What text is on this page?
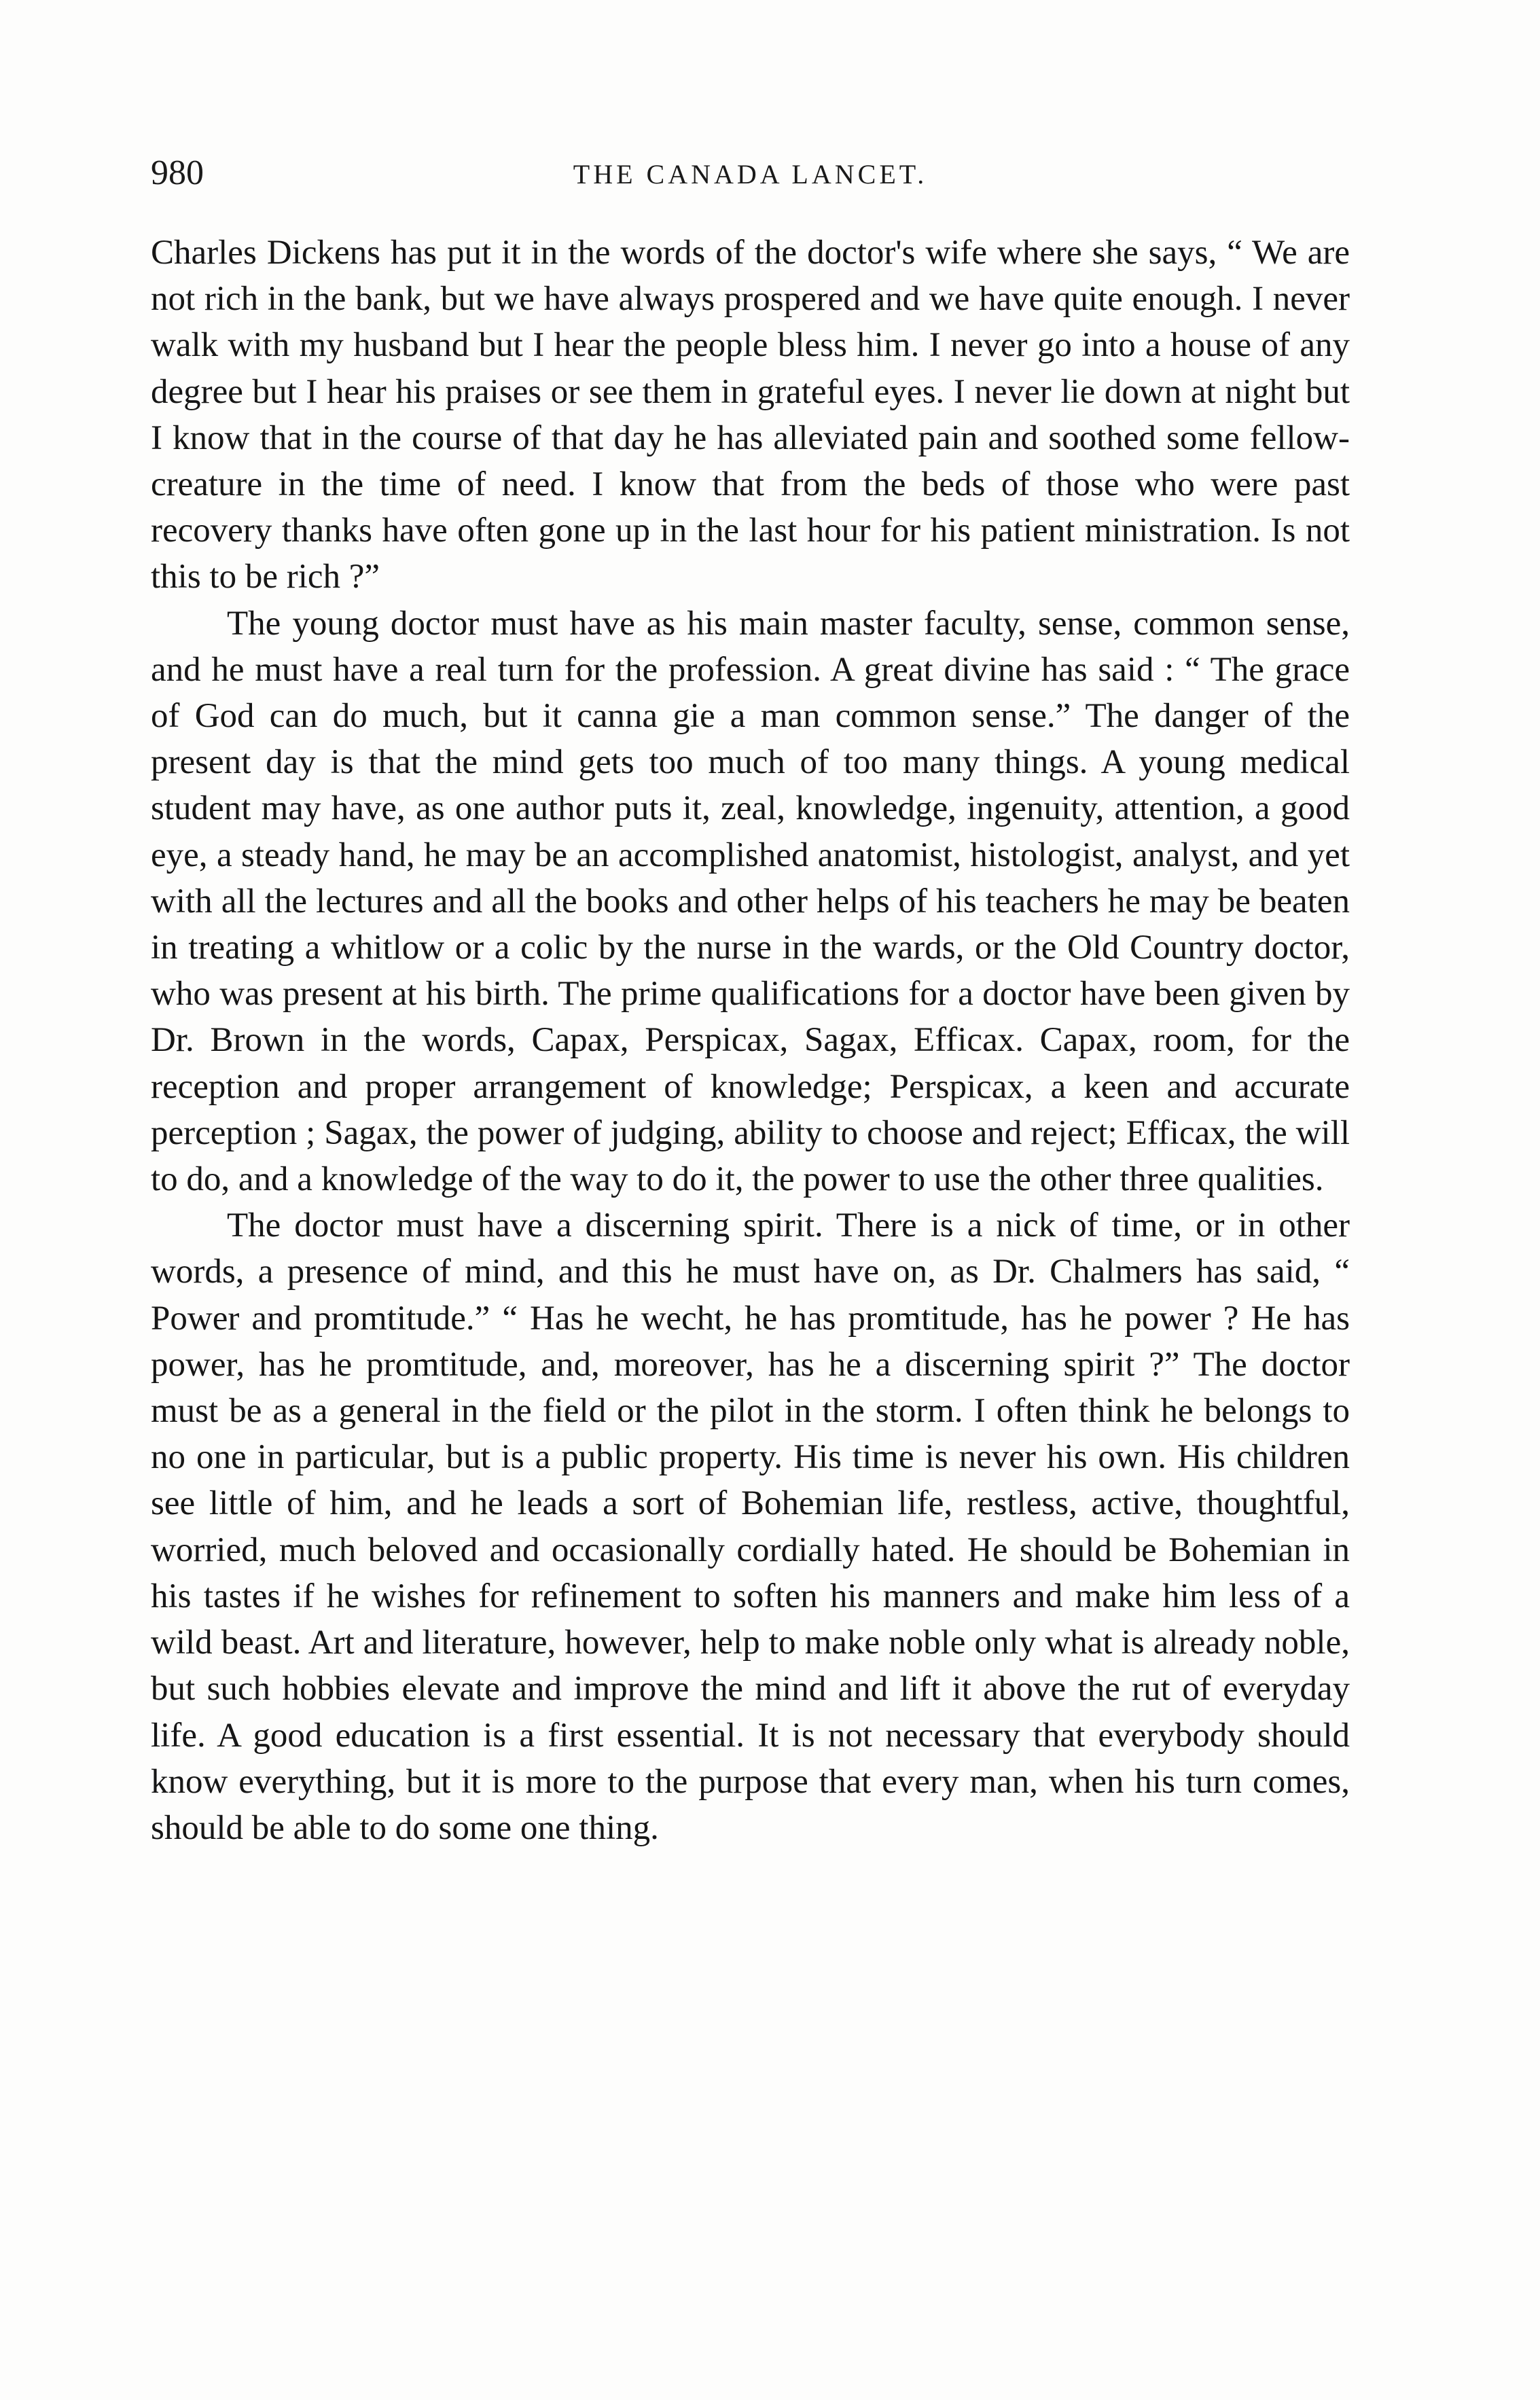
980	THE CANADA LANCET.

Charles Dickens has put it in the words of the doctor's wife where she says, “ We are not rich in the bank, but we have always prospered and we have quite enough. I never walk with my husband but I hear the people bless him. I never go into a house of any degree but I hear his praises or see them in grateful eyes. I never lie down at night but I know that in the course of that day he has alleviated pain and soothed some fellow-creature in the time of need. I know that from the beds of those who were past recovery thanks have often gone up in the last hour for his patient ministration. Is not this to be rich ?”

The young doctor must have as his main master faculty, sense, common sense, and he must have a real turn for the profession. A great divine has said : “ The grace of God can do much, but it canna gie a man common sense.” The danger of the present day is that the mind gets too much of too many things. A young medical student may have, as one author puts it, zeal, knowledge, ingenuity, attention, a good eye, a steady hand, he may be an accomplished anatomist, histologist, analyst, and yet with all the lectures and all the books and other helps of his teachers he may be beaten in treating a whitlow or a colic by the nurse in the wards, or the Old Country doctor, who was present at his birth. The prime qualifications for a doctor have been given by Dr. Brown in the words, Capax, Perspicax, Sagax, Efficax. Capax, room, for the reception and proper arrangement of knowledge; Perspicax, a keen and accurate perception ; Sagax, the power of judging, ability to choose and reject; Efficax, the will to do, and a knowledge of the way to do it, the power to use the other three qualities.

The doctor must have a discerning spirit. There is a nick of time, or in other words, a presence of mind, and this he must have on, as Dr. Chalmers has said, “ Power and promtitude.” “ Has he wecht, he has promtitude, has he power ? He has power, has he promtitude, and, moreover, has he a discerning spirit ?” The doctor must be as a general in the field or the pilot in the storm. I often think he belongs to no one in particular, but is a public property. His time is never his own. His children see little of him, and he leads a sort of Bohemian life, restless, active, thoughtful, worried, much beloved and occasionally cordially hated. He should be Bohemian in his tastes if he wishes for refinement to soften his manners and make him less of a wild beast. Art and literature, however, help to make noble only what is already noble, but such hobbies elevate and improve the mind and lift it above the rut of everyday life. A good education is a first essential. It is not necessary that everybody should know everything, but it is more to the purpose that every man, when his turn comes, should be able to do some one thing.
